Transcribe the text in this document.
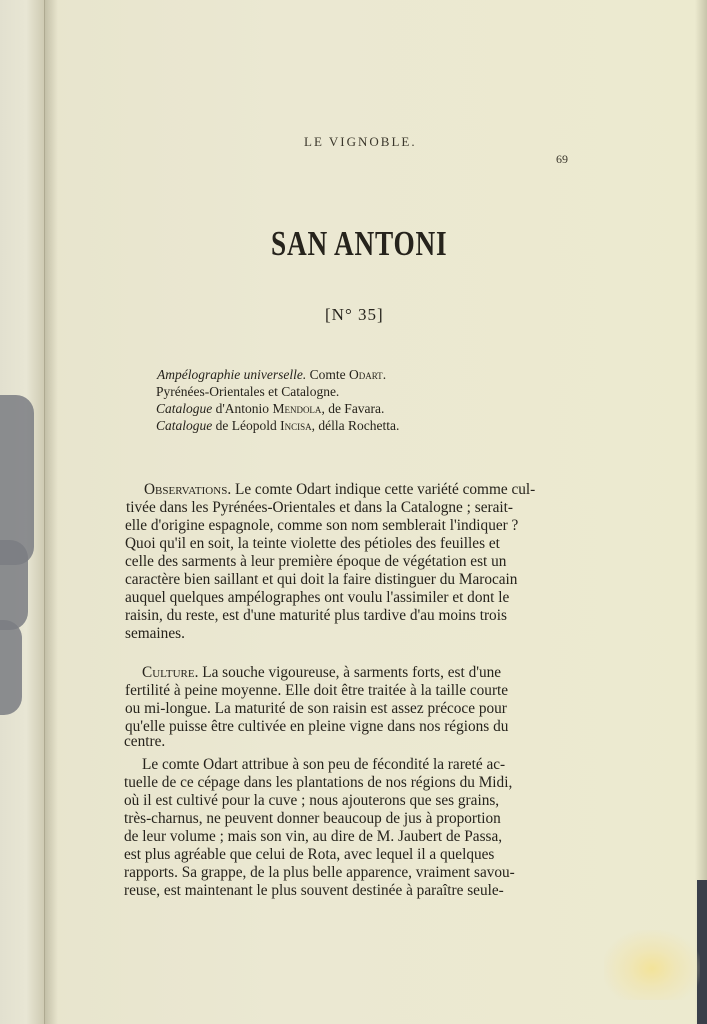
LE VIGNOBLE.
69
SAN ANTONI
[N° 35]
Ampélographie universelle. Comte Odart.
Pyrénées-Orientales et Catalogne.
Catalogue d'Antonio Mendola, de Favara.
Catalogue de Léopold Incisa, délla Rochetta.
Observations. Le comte Odart indique cette variété comme cul-
tivée dans les Pyrénées-Orientales et dans la Catalogne ; serait-
elle d'origine espagnole, comme son nom semblerait l'indiquer ?
Quoi qu'il en soit, la teinte violette des pétioles des feuilles et
celle des sarments à leur première époque de végétation est un
caractère bien saillant et qui doit la faire distinguer du Marocain
auquel quelques ampélographes ont voulu l'assimiler et dont le
raisin, du reste, est d'une maturité plus tardive d'au moins trois
semaines.
Culture. La souche vigoureuse, à sarments forts, est d'une
fertilité à peine moyenne. Elle doit être traitée à la taille courte
ou mi-longue. La maturité de son raisin est assez précoce pour
qu'elle puisse être cultivée en pleine vigne dans nos régions du
centre.
Le comte Odart attribue à son peu de fécondité la rareté ac-
tuelle de ce cépage dans les plantations de nos régions du Midi,
où il est cultivé pour la cuve ; nous ajouterons que ses grains,
très-charnus, ne peuvent donner beaucoup de jus à proportion
de leur volume ; mais son vin, au dire de M. Jaubert de Passa,
est plus agréable que celui de Rota, avec lequel il a quelques
rapports. Sa grappe, de la plus belle apparence, vraiment savou-
reuse, est maintenant le plus souvent destinée à paraître seule-
